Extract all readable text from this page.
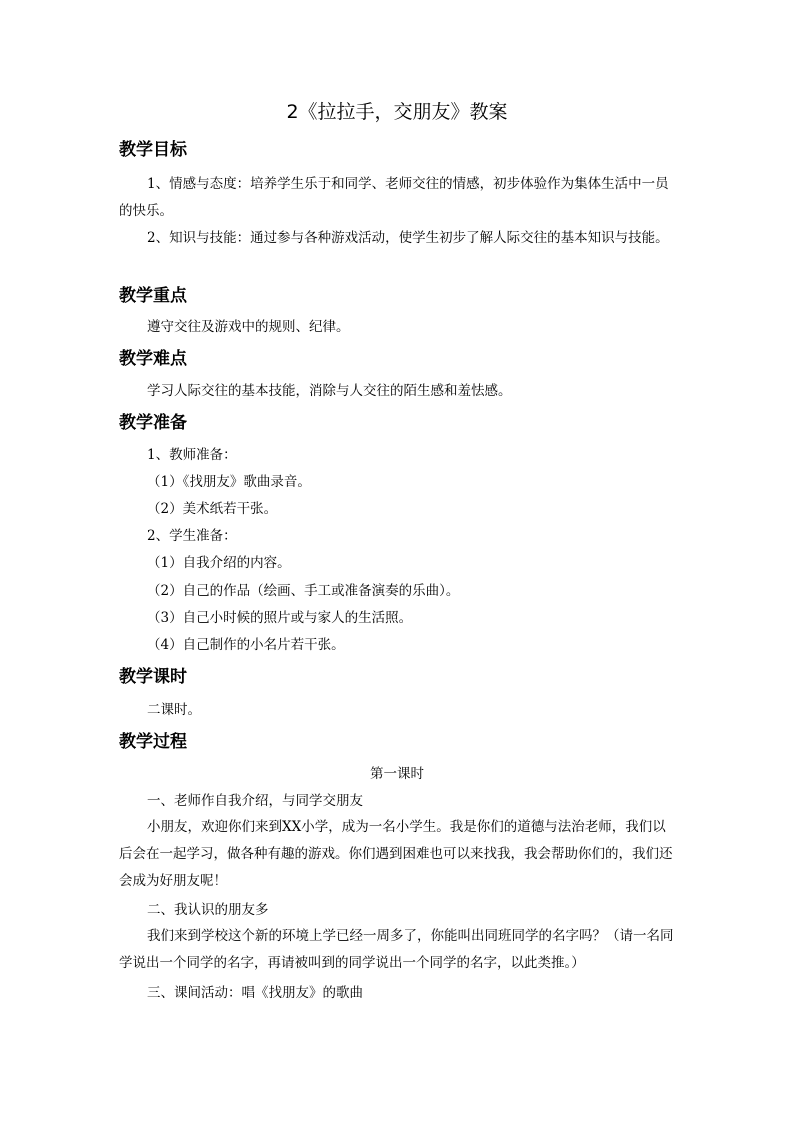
2《拉拉手，交朋友》教案
教学目标
1、情感与态度：培养学生乐于和同学、老师交往的情感，初步体验作为集体生活中一员的快乐。
2、知识与技能：通过参与各种游戏活动，使学生初步了解人际交往的基本知识与技能。
教学重点
遵守交往及游戏中的规则、纪律。
教学难点
学习人际交往的基本技能，消除与人交往的陌生感和羞怯感。
教学准备
1、教师准备：
（1）《找朋友》歌曲录音。
（2）美术纸若干张。
2、学生准备：
（1）自我介绍的内容。
（2）自己的作品（绘画、手工或准备演奏的乐曲）。
（3）自己小时候的照片或与家人的生活照。
（4）自己制作的小名片若干张。
教学课时
二课时。
教学过程
第一课时
一、老师作自我介绍，与同学交朋友
小朋友，欢迎你们来到XX小学，成为一名小学生。我是你们的道德与法治老师，我们以后会在一起学习，做各种有趣的游戏。你们遇到困难也可以来找我，我会帮助你们的，我们还会成为好朋友呢！
二、我认识的朋友多
我们来到学校这个新的环境上学已经一周多了，你能叫出同班同学的名字吗？（请一名同学说出一个同学的名字，再请被叫到的同学说出一个同学的名字，以此类推。）
三、课间活动：唱《找朋友》的歌曲
